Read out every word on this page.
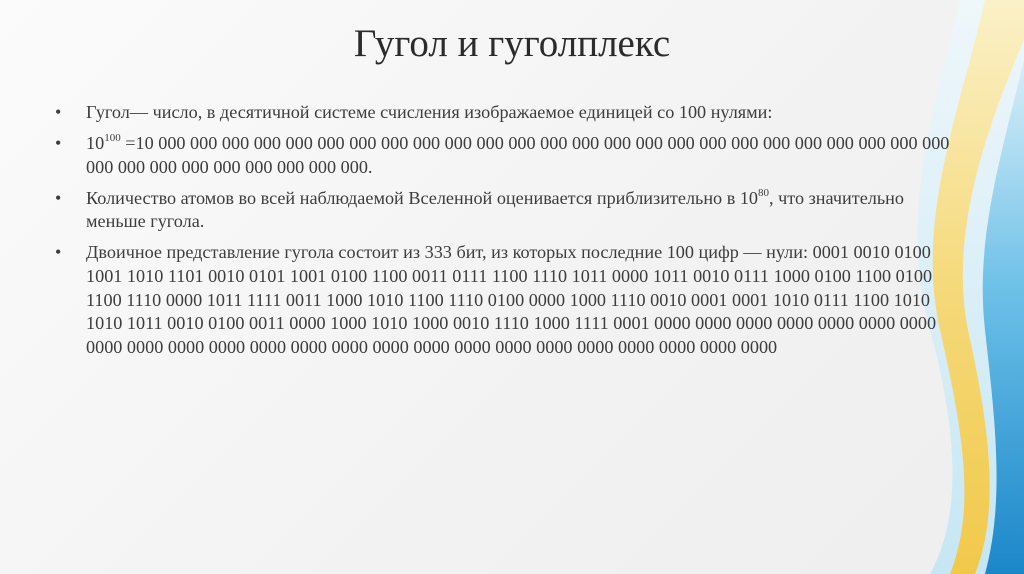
Гугол и гуголплекс
• Гугол— число, в десятичной системе счисления изображаемое единицей со 100 нулями:
• $10^{100} =10$ 000 000 000 000 000 000 000 000 000 000 000 000 000 000 000 000 000 000 000 000 000 000 000 000 000 000 000 000 000 000 000 000 000 000.
• Количество атомов во всей наблюдаемой Вселенной оценивается приблизительно в $10^{80}$, что значительно меньше гугола.
• Двоичное представление гугола состоит из 333 бит, из которых последние 100 цифр — нули: 0001 0010 0100 1001 1010 1101 0010 0101 1001 0100 1100 0011 0111 1100 1110 1011 0000 1011 0010 0111 1000 0100 1100 0100 1100 1110 0000 1011 1111 0011 1000 1010 1100 1110 0100 0000 1000 1110 0010 0001 0001 1010 0111 1100 1010 1010 1011 0010 0100 0011 0000 1000 1010 1000 0010 1110 1000 1111 0001 0000 0000 0000 0000 0000 0000 0000 0000 0000 0000 0000 0000 0000 0000 0000 0000 0000 0000 0000 0000 0000 0000 0000 0000
